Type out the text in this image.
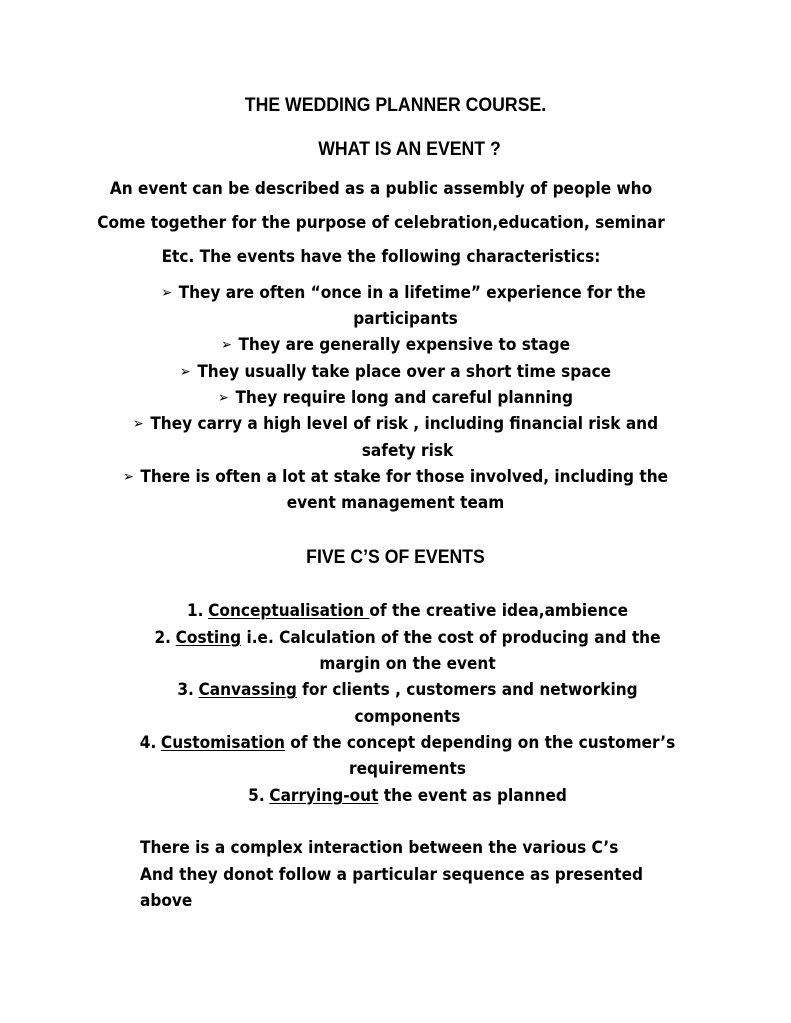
THE WEDDING PLANNER COURSE.
WHAT IS AN EVENT ?
An event can be described as a public assembly of people who
Come together for the purpose of celebration,education, seminar
Etc. The events have the following characteristics:
➢ They are often “once in a lifetime” experience for the
participants
➢ They are generally expensive to stage
➢ They usually take place over a short time space
➢ They require long and careful planning
➢ They carry a high level of risk , including financial risk and
safety risk
➢ There is often a lot at stake for those involved, including the
event management team
FIVE C’S OF EVENTS
1. Conceptualisation of the creative idea,ambience
2. Costing i.e. Calculation of the cost of producing and the
margin on the event
3. Canvassing for clients , customers and networking
components
4. Customisation of the concept depending on the customer’s
requirements
5. Carrying-out the event as planned
There is a complex interaction between the various C’s
And they donot follow a particular sequence as presented
above
